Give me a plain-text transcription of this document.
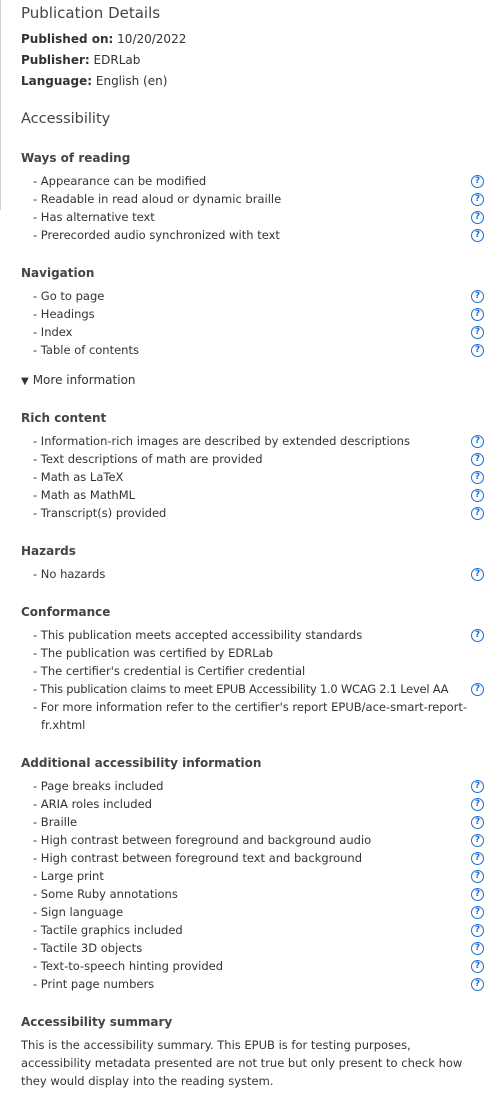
Publication Details
Published on: 10/20/2022
Publisher: EDRLab
Language: English (en)
Accessibility
Ways of reading
- Appearance can be modified	?
- Readable in read aloud or dynamic braille	?
- Has alternative text	?
- Prerecorded audio synchronized with text	?
Navigation
- Go to page	?
- Headings	?
- Index	?
- Table of contents	?
▼ More information
Rich content
- Information-rich images are described by extended descriptions	?
- Text descriptions of math are provided	?
- Math as LaTeX	?
- Math as MathML	?
- Transcript(s) provided	?
Hazards
- No hazards	?
Conformance
- This publication meets accepted accessibility standards	?
- The publication was certified by EDRLab
- The certifier's credential is Certifier credential
- This publication claims to meet EPUB Accessibility 1.0 WCAG 2.1 Level AA	?
- For more information refer to the certifier's report EPUB/ace-smart-report-fr.xhtml
Additional accessibility information
- Page breaks included	?
- ARIA roles included	?
- Braille	?
- High contrast between foreground and background audio	?
- High contrast between foreground text and background	?
- Large print	?
- Some Ruby annotations	?
- Sign language	?
- Tactile graphics included	?
- Tactile 3D objects	?
- Text-to-speech hinting provided	?
- Print page numbers	?
Accessibility summary
This is the accessibility summary. This EPUB is for testing purposes, accessibility metadata presented are not true but only present to check how they would display into the reading system.
